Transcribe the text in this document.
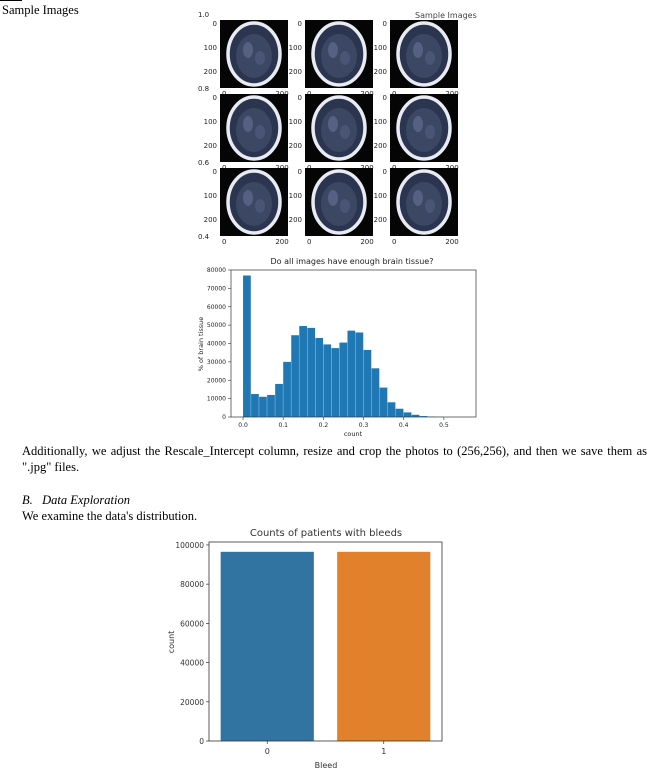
Sample Images	Sample Images
1.0
0.8
0.6
0.4
0
100
200
0
100
200
0
100
200
0
100
200
0
100
200
0
100
200
0
100
200
0	200
0
100
200
0	200
0
100
200
0	200
Do all images have enough brain tissue?
0
10000
20000
30000
40000
50000
60000
70000
80000
0.0	0.1	0.2	0.3	0.4	0.5
count
% of brain tissue
Additionally, we adjust the Rescale_Intercept column, resize and crop the photos to (256,256), and then we save them as ".jpg" files.
B.   Data Exploration
We examine the data's distribution.
Counts of patients with bleeds
0
20000
40000
60000
80000
100000
0	1
Bleed
count
